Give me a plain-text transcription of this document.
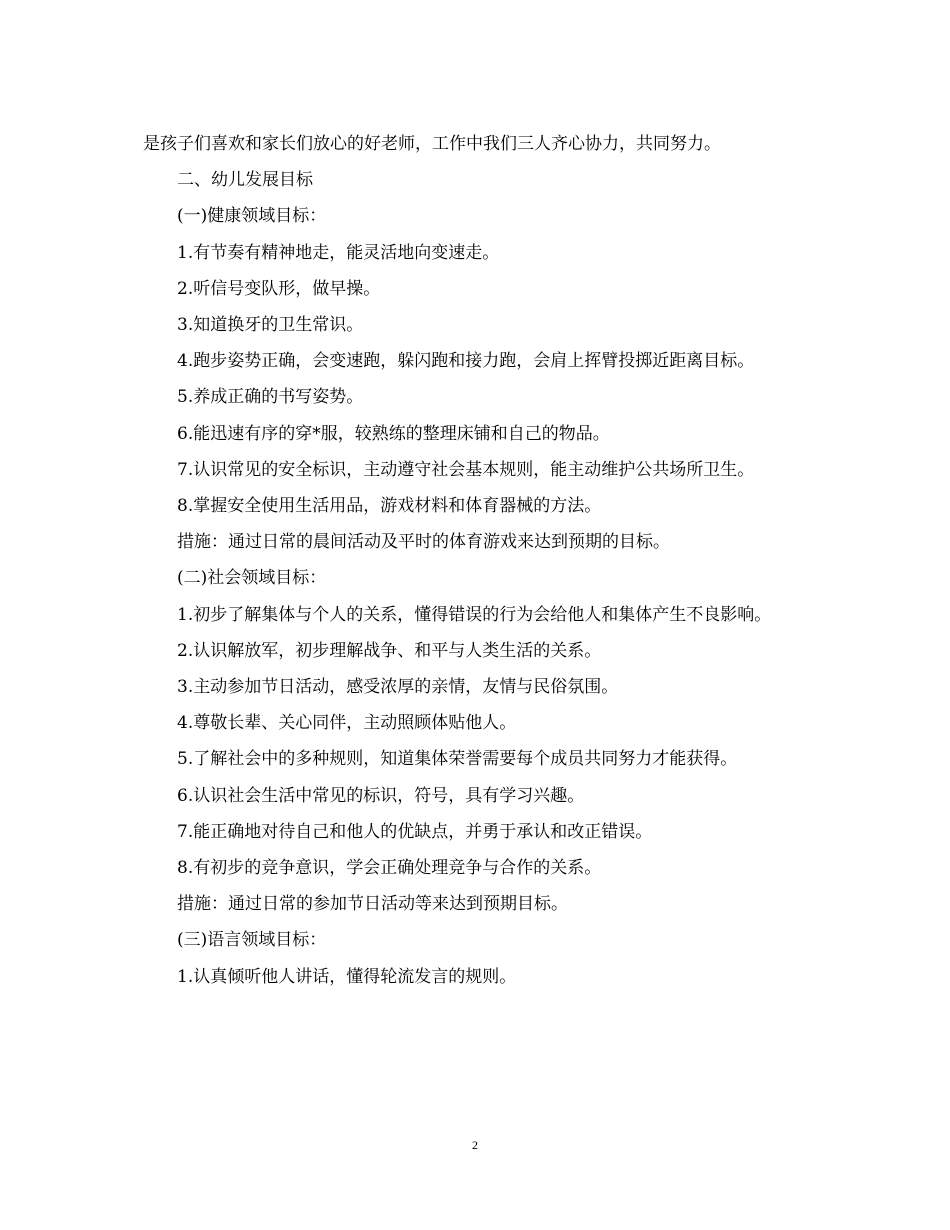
是孩子们喜欢和家长们放心的好老师，工作中我们三人齐心协力，共同努力。

二、幼儿发展目标

(一)健康领域目标：

1.有节奏有精神地走，能灵活地向变速走。

2.听信号变队形，做早操。

3.知道换牙的卫生常识。

4.跑步姿势正确，会变速跑，躲闪跑和接力跑，会肩上挥臂投掷近距离目标。

5.养成正确的书写姿势。

6.能迅速有序的穿*服，较熟练的整理床铺和自己的物品。

7.认识常见的安全标识，主动遵守社会基本规则，能主动维护公共场所卫生。

8.掌握安全使用生活用品，游戏材料和体育器械的方法。

措施：通过日常的晨间活动及平时的体育游戏来达到预期的目标。

(二)社会领域目标：

1.初步了解集体与个人的关系，懂得错误的行为会给他人和集体产生不良影响。

2.认识解放军，初步理解战争、和平与人类生活的关系。

3.主动参加节日活动，感受浓厚的亲情，友情与民俗氛围。

4.尊敬长辈、关心同伴，主动照顾体贴他人。

5.了解社会中的多种规则，知道集体荣誉需要每个成员共同努力才能获得。

6.认识社会生活中常见的标识，符号，具有学习兴趣。

7.能正确地对待自己和他人的优缺点，并勇于承认和改正错误。

8.有初步的竞争意识，学会正确处理竞争与合作的关系。

措施：通过日常的参加节日活动等来达到预期目标。

(三)语言领域目标：

1.认真倾听他人讲话，懂得轮流发言的规则。

2
